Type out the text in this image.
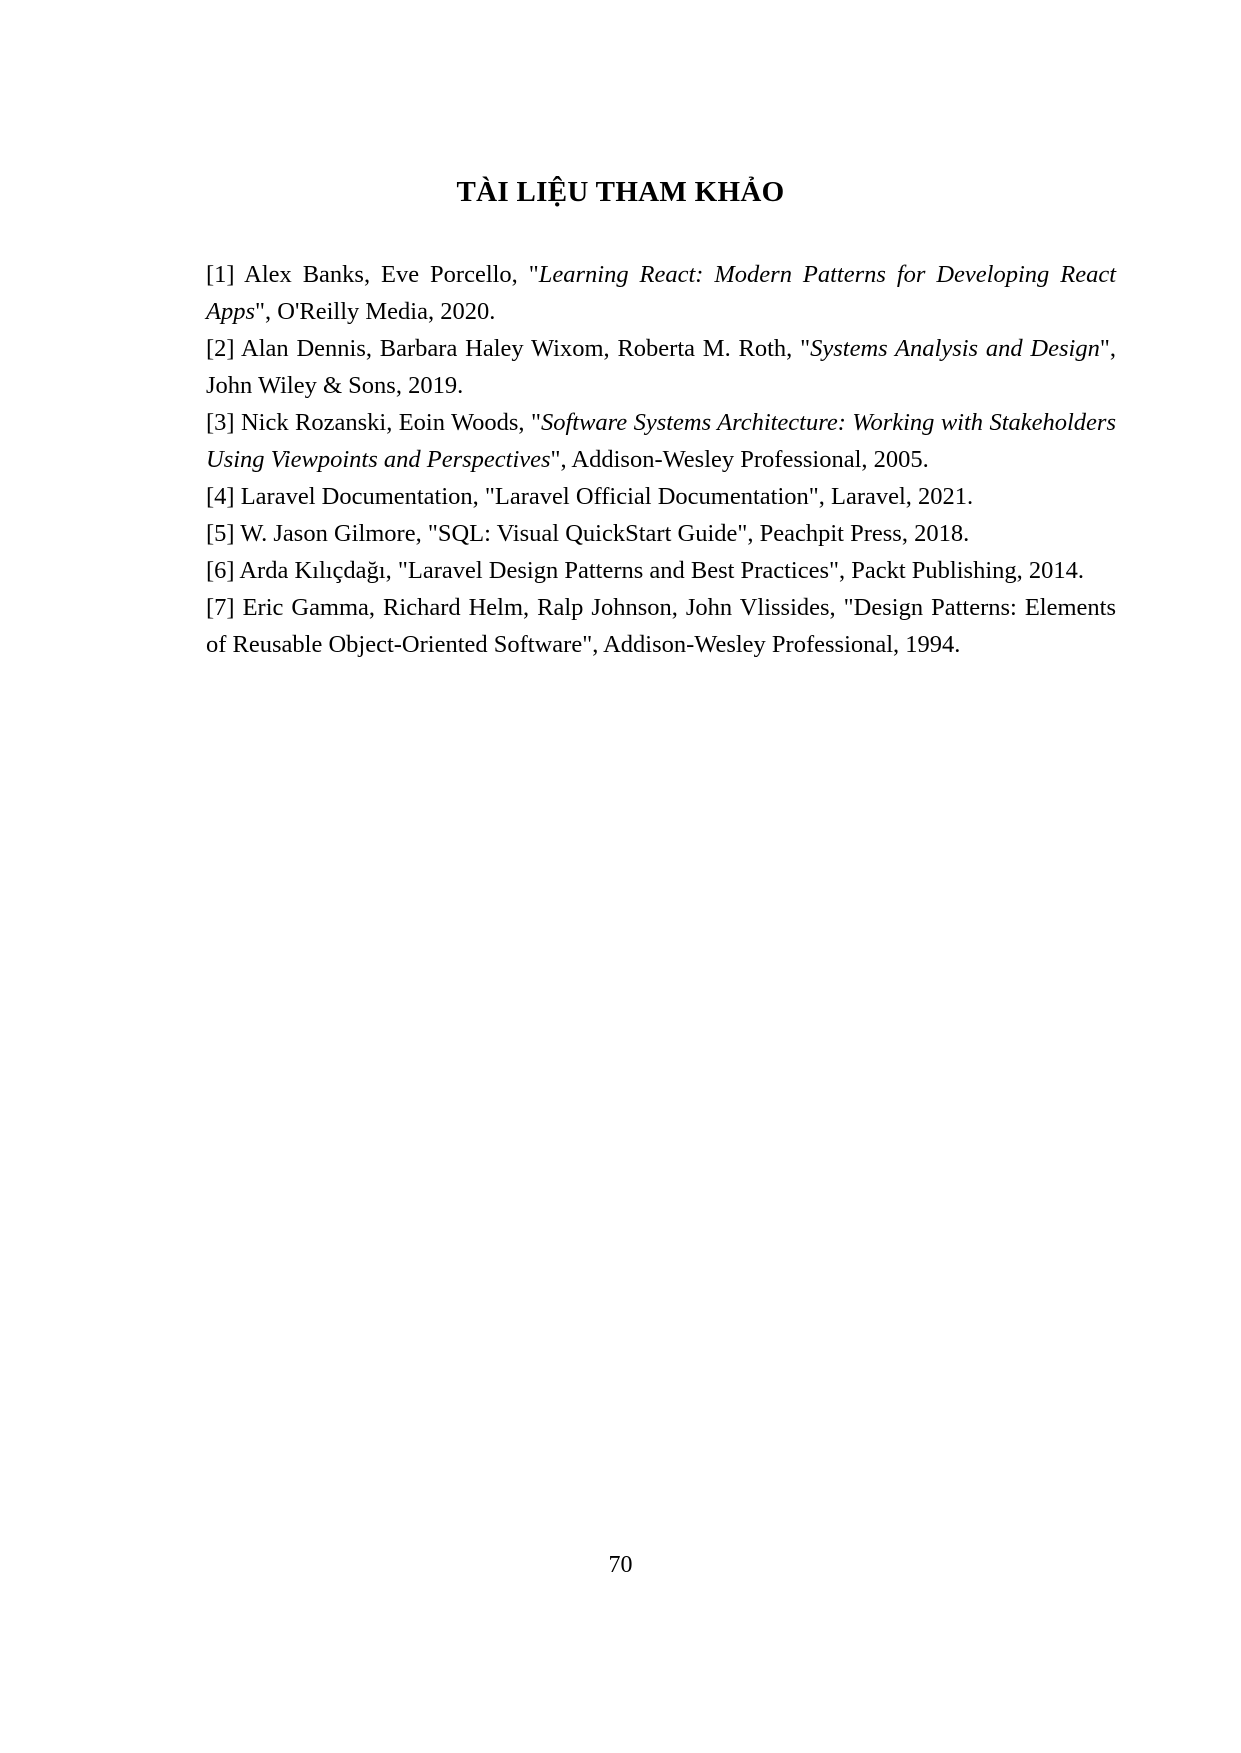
TÀI LIỆU THAM KHẢO

[1] Alex Banks, Eve Porcello, "Learning React: Modern Patterns for Developing React Apps", O'Reilly Media, 2020.

[2] Alan Dennis, Barbara Haley Wixom, Roberta M. Roth, "Systems Analysis and Design", John Wiley & Sons, 2019.

[3] Nick Rozanski, Eoin Woods, "Software Systems Architecture: Working with Stakeholders Using Viewpoints and Perspectives", Addison-Wesley Professional, 2005.

[4] Laravel Documentation, "Laravel Official Documentation", Laravel, 2021.

[5] W. Jason Gilmore, "SQL: Visual QuickStart Guide", Peachpit Press, 2018.

[6] Arda Kılıçdağı, "Laravel Design Patterns and Best Practices", Packt Publishing, 2014.

[7] Eric Gamma, Richard Helm, Ralp Johnson, John Vlissides, "Design Patterns: Elements of Reusable Object-Oriented Software", Addison-Wesley Professional, 1994.

70
